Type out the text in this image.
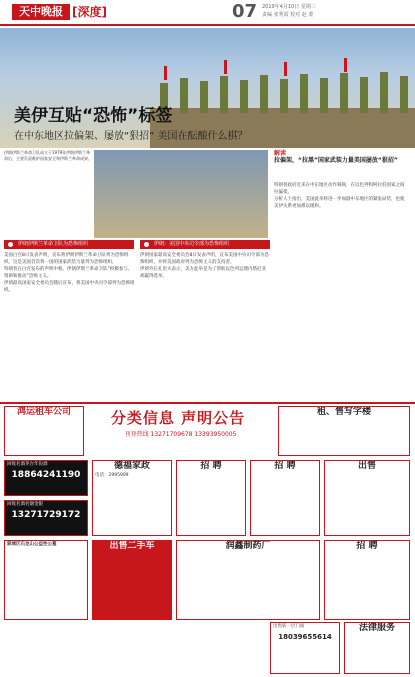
天中晚报 [深度]	07 2019年4月10日 星期三
责编 张秀霞 校对 赵 蒙
美伊互贴“恐怖”标签
在中东地区拉偏架、屡放“狠招” 美国在酝酿什么棋？
伊朗伊斯兰革命卫队成立于1979年伊朗伊斯兰革命后，主要负责维护国家安全和伊斯兰革命成果。
解读
拉偏架，“拉黑”国家武装力量美国屡放“狠招”
特朗普政府近来在中东地区动作频频，在以色列和阿拉伯国家之间拉偏架。
分析人士指出，美国此举将进一步加剧中东地区的紧张局势，也使美伊关系更加难以缓和。
伊朗伊斯兰革命卫队为恐怖组织
美国白宫8日发表声明，宣布将伊朗伊斯兰革命卫队列为恐怖组织。这是美国首次将一国的国家武装力量列为恐怖组织。
特朗普在白宫发布的声明中称，伊朗伊斯兰革命卫队“积极参与、资助和推动”恐怖主义。
伊朗最高国家安全委员会随后宣布，将美国中央司令部列为恐怖组织。
伊朗：美国中央司令部为恐怖组织
伊朗国家最高安全委员会8日发表声明，宣布美国中央司令部为恐怖组织，并将美国政府列为恐怖主义的支持者。
伊朗外长扎里夫表示，美方此举是为了帮助以色列总理内塔尼亚胡赢得选举。
分类信息 声明公告
刊登热线 13271709678 13393950005
鸿运租车公司	租、售写字楼
回收名酒茅台年份酒
18864241190
回收名酒名烟金银
13271729172
德福家政
电话：2995909
招 聘	招 聘	出售
驿城区石龙山公益性公墓	出售二手车	润鑫制药厂	招 聘
出售转一层门面
18039655614
法律服务
